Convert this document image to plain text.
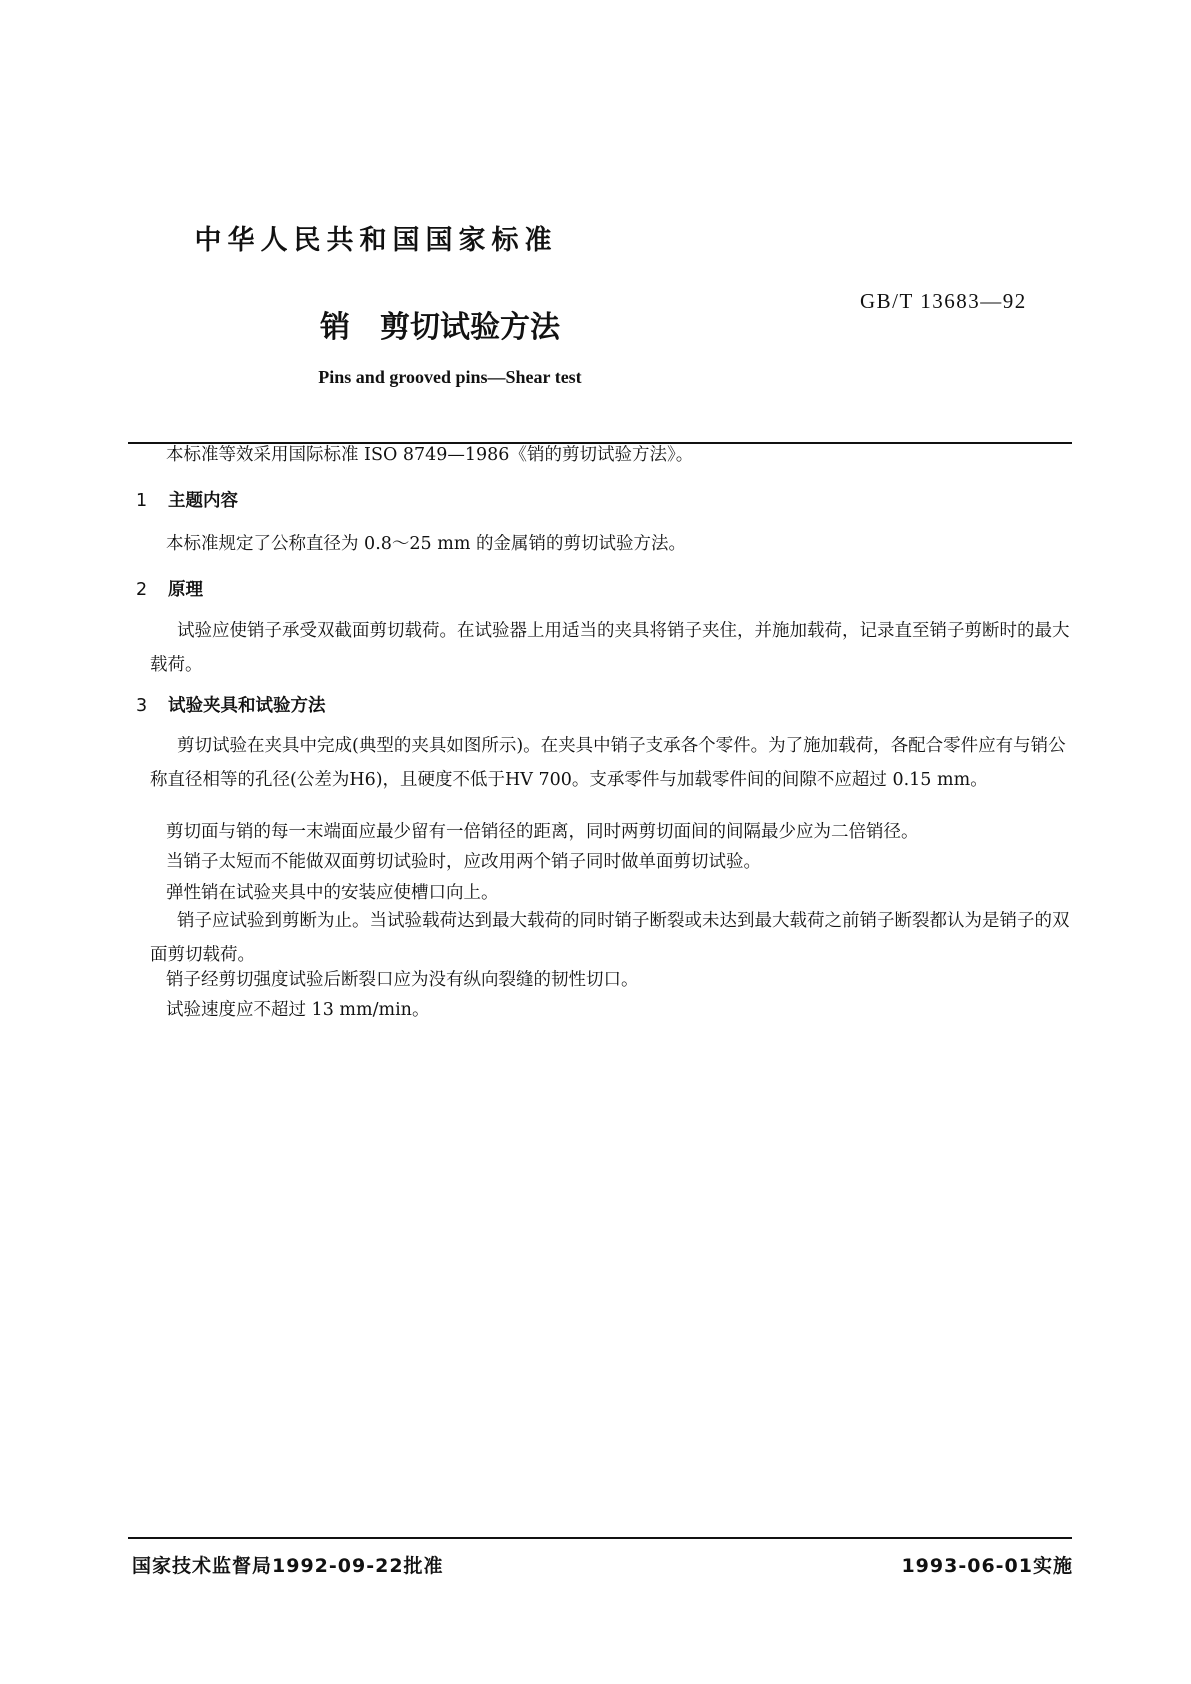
中华人民共和国国家标准
GB/T 13683—92
销 剪切试验方法
Pins and grooved pins—Shear test
本标准等效采用国际标准 ISO 8749—1986《销的剪切试验方法》。
1 主题内容
本标准规定了公称直径为 0.8～25 mm 的金属销的剪切试验方法。
2 原理
试验应使销子承受双截面剪切载荷。在试验器上用适当的夹具将销子夹住，并施加载荷，记录直至销子剪断时的最大载荷。
3 试验夹具和试验方法
剪切试验在夹具中完成(典型的夹具如图所示)。在夹具中销子支承各个零件。为了施加载荷，各配合零件应有与销公称直径相等的孔径(公差为H6)，且硬度不低于HV 700。支承零件与加载零件间的间隙不应超过 0.15 mm。
剪切面与销的每一末端面应最少留有一倍销径的距离，同时两剪切面间的间隔最少应为二倍销径。
当销子太短而不能做双面剪切试验时，应改用两个销子同时做单面剪切试验。
弹性销在试验夹具中的安装应使槽口向上。
销子应试验到剪断为止。当试验载荷达到最大载荷的同时销子断裂或未达到最大载荷之前销子断裂都认为是销子的双面剪切载荷。
销子经剪切强度试验后断裂口应为没有纵向裂缝的韧性切口。
试验速度应不超过 13 mm/min。
国家技术监督局1992-09-22批准	1993-06-01实施
